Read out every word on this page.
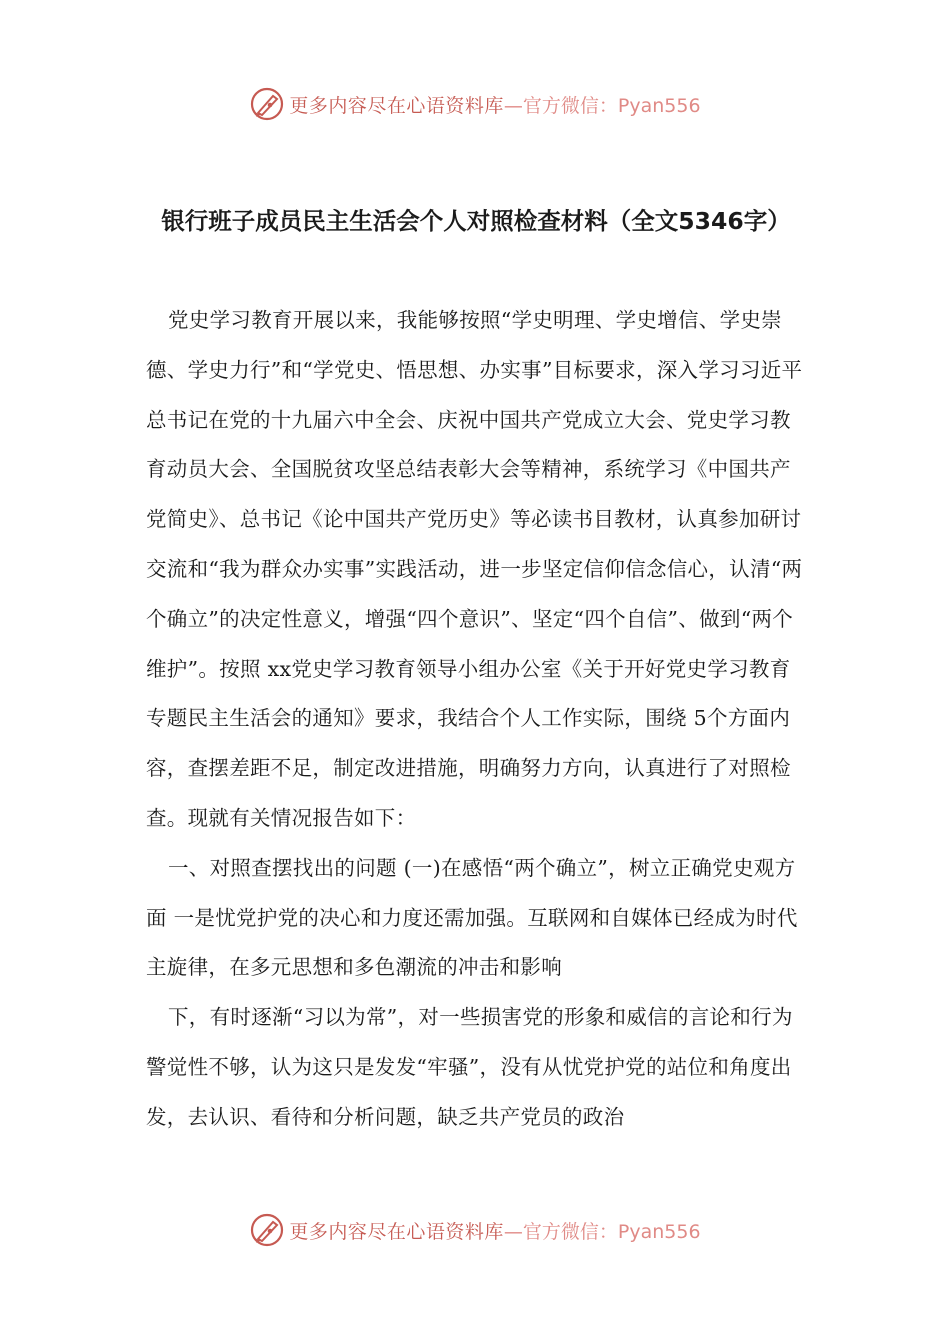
更多内容尽在心语资料库 —官方微信：Pyan556
银行班子成员民主生活会个人对照检查材料（全文5346字）

党史学习教育开展以来，我能够按照“学史明理、学史增信、学史崇德、学史力行”和“学党史、悟思想、办实事”目标要求，深入学习习近平总书记在党的十九届六中全会、庆祝中国共产党成立大会、党史学习教育动员大会、全国脱贫攻坚总结表彰大会等精神，系统学习《中国共产党简史》、总书记《论中国共产党历史》等必读书目教材，认真参加研讨交流和“我为群众办实事”实践活动，进一步坚定信仰信念信心，认清“两个确立”的决定性意义，增强“四个意识”、坚定“四个自信”、做到“两个维护”。按照 xx党史学习教育领导小组办公室《关于开好党史学习教育专题民主生活会的通知》要求，我结合个人工作实际，围绕 5个方面内容，查摆差距不足，制定改进措施，明确努力方向，认真进行了对照检查。现就有关情况报告如下：

一、对照查摆找出的问题 (一)在感悟“两个确立”，树立正确党史观方面 一是忧党护党的决心和力度还需加强。互联网和自媒体已经成为时代主旋律，在多元思想和多色潮流的冲击和影响

下，有时逐渐“习以为常”，对一些损害党的形象和威信的言论和行为警觉性不够，认为这只是发发“牢骚”，没有从忧党护党的站位和角度出发，去认识、看待和分析问题，缺乏共产党员的政治

更多内容尽在心语资料库 —官方微信：Pyan556
